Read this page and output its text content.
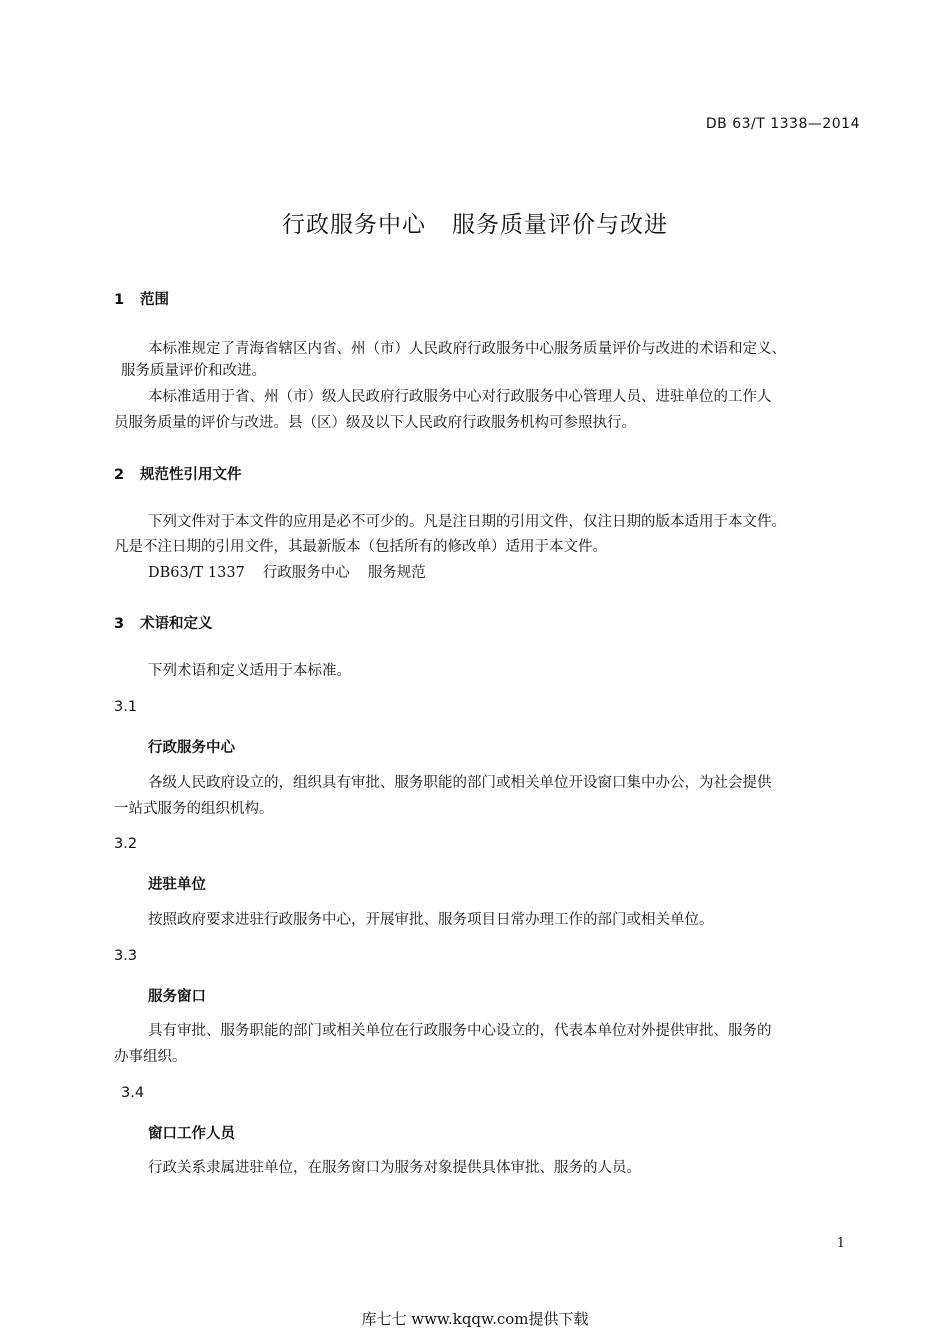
DB 63/T 1338—2014
行政服务中心 服务质量评价与改进
1 范围
本标准规定了青海省辖区内省、州（市）人民政府行政服务中心服务质量评价与改进的术语和定义、
服务质量评价和改进。
本标准适用于省、州（市）级人民政府行政服务中心对行政服务中心管理人员、进驻单位的工作人
员服务质量的评价与改进。县（区）级及以下人民政府行政服务机构可参照执行。
2 规范性引用文件
下列文件对于本文件的应用是必不可少的。凡是注日期的引用文件，仅注日期的版本适用于本文件。
凡是不注日期的引用文件，其最新版本（包括所有的修改单）适用于本文件。
DB63/T 1337 行政服务中心 服务规范
3 术语和定义
下列术语和定义适用于本标准。
3.1
行政服务中心
各级人民政府设立的，组织具有审批、服务职能的部门或相关单位开设窗口集中办公，为社会提供
一站式服务的组织机构。
3.2
进驻单位
按照政府要求进驻行政服务中心，开展审批、服务项目日常办理工作的部门或相关单位。
3.3
服务窗口
具有审批、服务职能的部门或相关单位在行政服务中心设立的，代表本单位对外提供审批、服务的
办事组织。
3.4
窗口工作人员
行政关系隶属进驻单位，在服务窗口为服务对象提供具体审批、服务的人员。
1
库七七 www.kqqw.com提供下载
